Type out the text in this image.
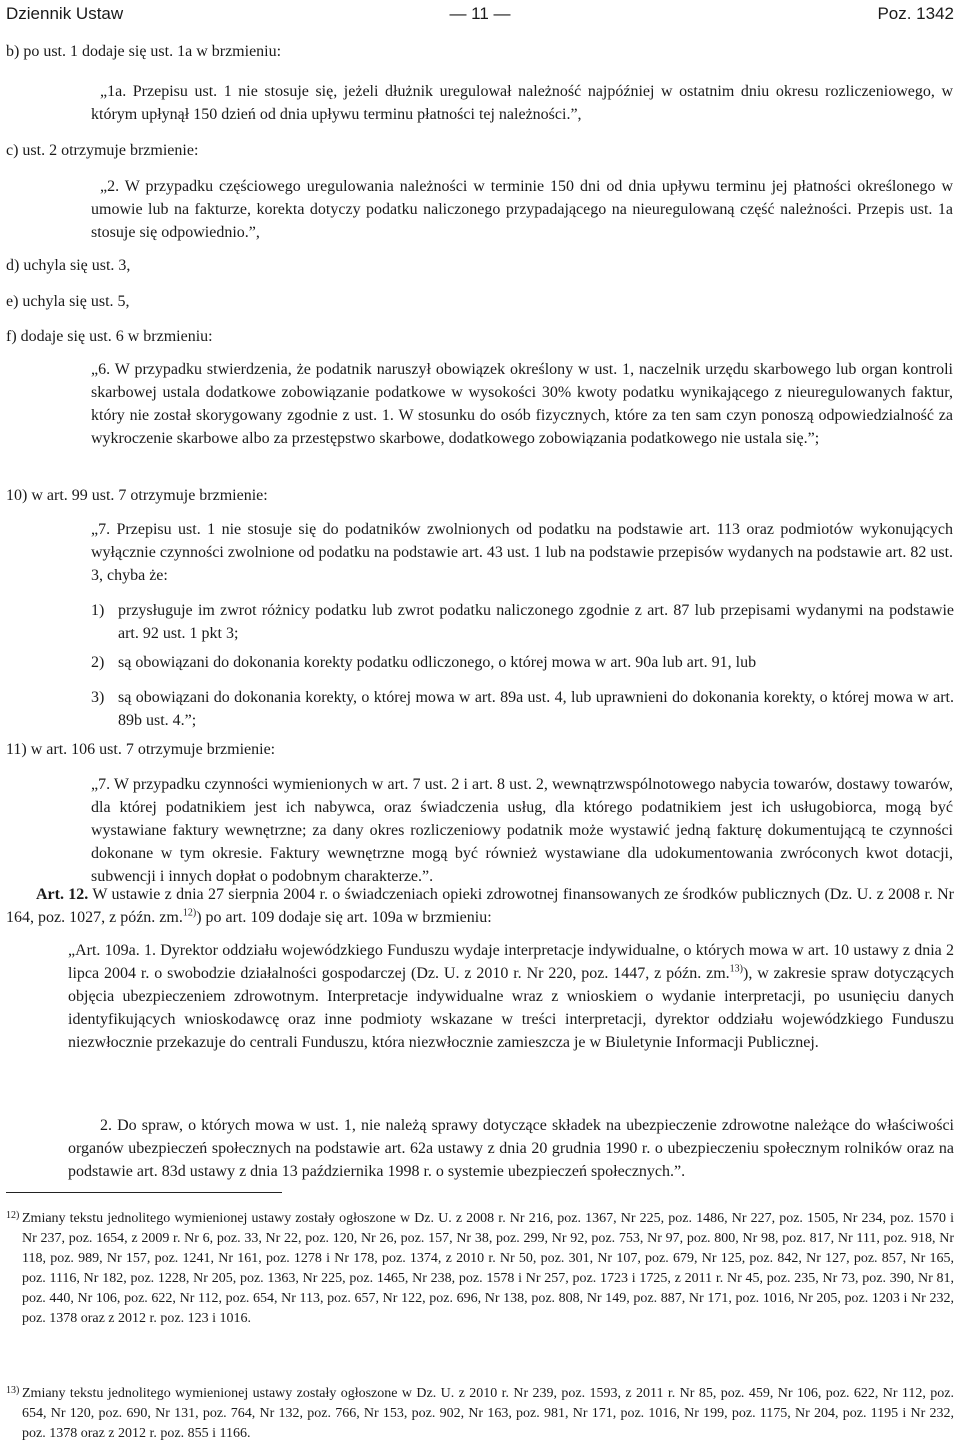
Dziennik Ustaw	— 11 —	Poz. 1342
b) po ust. 1 dodaje się ust. 1a w brzmieniu:
„1a. Przepisu ust. 1 nie stosuje się, jeżeli dłużnik uregulował należność najpóźniej w ostatnim dniu okresu rozliczeniowego, w którym upłynął 150 dzień od dnia upływu terminu płatności tej należności.”,
c) ust. 2 otrzymuje brzmienie:
„2. W przypadku częściowego uregulowania należności w terminie 150 dni od dnia upływu terminu jej płatności określonego w umowie lub na fakturze, korekta dotyczy podatku naliczonego przypadającego na nieuregulowaną część należności. Przepis ust. 1a stosuje się odpowiednio.”,
d) uchyla się ust. 3,
e) uchyla się ust. 5,
f) dodaje się ust. 6 w brzmieniu:
„6. W przypadku stwierdzenia, że podatnik naruszył obowiązek określony w ust. 1, naczelnik urzędu skarbowego lub organ kontroli skarbowej ustala dodatkowe zobowiązanie podatkowe w wysokości 30% kwoty podatku wynikającego z nieuregulowanych faktur, który nie został skorygowany zgodnie z ust. 1. W stosunku do osób fizycznych, które za ten sam czyn ponoszą odpowiedzialność za wykroczenie skarbowe albo za przestępstwo skarbowe, dodatkowego zobowiązania podatkowego nie ustala się.”;
10) w art. 99 ust. 7 otrzymuje brzmienie:
„7. Przepisu ust. 1 nie stosuje się do podatników zwolnionych od podatku na podstawie art. 113 oraz podmiotów wykonujących wyłącznie czynności zwolnione od podatku na podstawie art. 43 ust. 1 lub na podstawie przepisów wydanych na podstawie art. 82 ust. 3, chyba że:
1) przysługuje im zwrot różnicy podatku lub zwrot podatku naliczonego zgodnie z art. 87 lub przepisami wydanymi na podstawie art. 92 ust. 1 pkt 3;
2) są obowiązani do dokonania korekty podatku odliczonego, o której mowa w art. 90a lub art. 91, lub
3) są obowiązani do dokonania korekty, o której mowa w art. 89a ust. 4, lub uprawnieni do dokonania korekty, o której mowa w art. 89b ust. 4.”;
11) w art. 106 ust. 7 otrzymuje brzmienie:
„7. W przypadku czynności wymienionych w art. 7 ust. 2 i art. 8 ust. 2, wewnątrzwspólnotowego nabycia towarów, dostawy towarów, dla której podatnikiem jest ich nabywca, oraz świadczenia usług, dla którego podatnikiem jest ich usługobiorca, mogą być wystawiane faktury wewnętrzne; za dany okres rozliczeniowy podatnik może wystawić jedną fakturę dokumentującą te czynności dokonane w tym okresie. Faktury wewnętrzne mogą być również wystawiane dla udokumentowania zwróconych kwot dotacji, subwencji i innych dopłat o podobnym charakterze.”.
Art. 12. W ustawie z dnia 27 sierpnia 2004 r. o świadczeniach opieki zdrowotnej finansowanych ze środków publicznych (Dz. U. z 2008 r. Nr 164, poz. 1027, z późn. zm.$^{12)}$) po art. 109 dodaje się art. 109a w brzmieniu:
„Art. 109a. 1. Dyrektor oddziału wojewódzkiego Funduszu wydaje interpretacje indywidualne, o których mowa w art. 10 ustawy z dnia 2 lipca 2004 r. o swobodzie działalności gospodarczej (Dz. U. z 2010 r. Nr 220, poz. 1447, z późn. zm.$^{13)}$), w zakresie spraw dotyczących objęcia ubezpieczeniem zdrowotnym. Interpretacje indywidualne wraz z wnioskiem o wydanie interpretacji, po usunięciu danych identyfikujących wnioskodawcę oraz inne podmioty wskazane w treści interpretacji, dyrektor oddziału wojewódzkiego Funduszu niezwłocznie przekazuje do centrali Funduszu, która niezwłocznie zamieszcza je w Biuletynie Informacji Publicznej.
2. Do spraw, o których mowa w ust. 1, nie należą sprawy dotyczące składek na ubezpieczenie zdrowotne należące do właściwości organów ubezpieczeń społecznych na podstawie art. 62a ustawy z dnia 20 grudnia 1990 r. o ubezpieczeniu społecznym rolników oraz na podstawie art. 83d ustawy z dnia 13 października 1998 r. o systemie ubezpieczeń społecznych.”.
12) Zmiany tekstu jednolitego wymienionej ustawy zostały ogłoszone w Dz. U. z 2008 r. Nr 216, poz. 1367, Nr 225, poz. 1486, Nr 227, poz. 1505, Nr 234, poz. 1570 i Nr 237, poz. 1654, z 2009 r. Nr 6, poz. 33, Nr 22, poz. 120, Nr 26, poz. 157, Nr 38, poz. 299, Nr 92, poz. 753, Nr 97, poz. 800, Nr 98, poz. 817, Nr 111, poz. 918, Nr 118, poz. 989, Nr 157, poz. 1241, Nr 161, poz. 1278 i Nr 178, poz. 1374, z 2010 r. Nr 50, poz. 301, Nr 107, poz. 679, Nr 125, poz. 842, Nr 127, poz. 857, Nr 165, poz. 1116, Nr 182, poz. 1228, Nr 205, poz. 1363, Nr 225, poz. 1465, Nr 238, poz. 1578 i Nr 257, poz. 1723 i 1725, z 2011 r. Nr 45, poz. 235, Nr 73, poz. 390, Nr 81, poz. 440, Nr 106, poz. 622, Nr 112, poz. 654, Nr 113, poz. 657, Nr 122, poz. 696, Nr 138, poz. 808, Nr 149, poz. 887, Nr 171, poz. 1016, Nr 205, poz. 1203 i Nr 232, poz. 1378 oraz z 2012 r. poz. 123 i 1016.
13) Zmiany tekstu jednolitego wymienionej ustawy zostały ogłoszone w Dz. U. z 2010 r. Nr 239, poz. 1593, z 2011 r. Nr 85, poz. 459, Nr 106, poz. 622, Nr 112, poz. 654, Nr 120, poz. 690, Nr 131, poz. 764, Nr 132, poz. 766, Nr 153, poz. 902, Nr 163, poz. 981, Nr 171, poz. 1016, Nr 199, poz. 1175, Nr 204, poz. 1195 i Nr 232, poz. 1378 oraz z 2012 r. poz. 855 i 1166.
